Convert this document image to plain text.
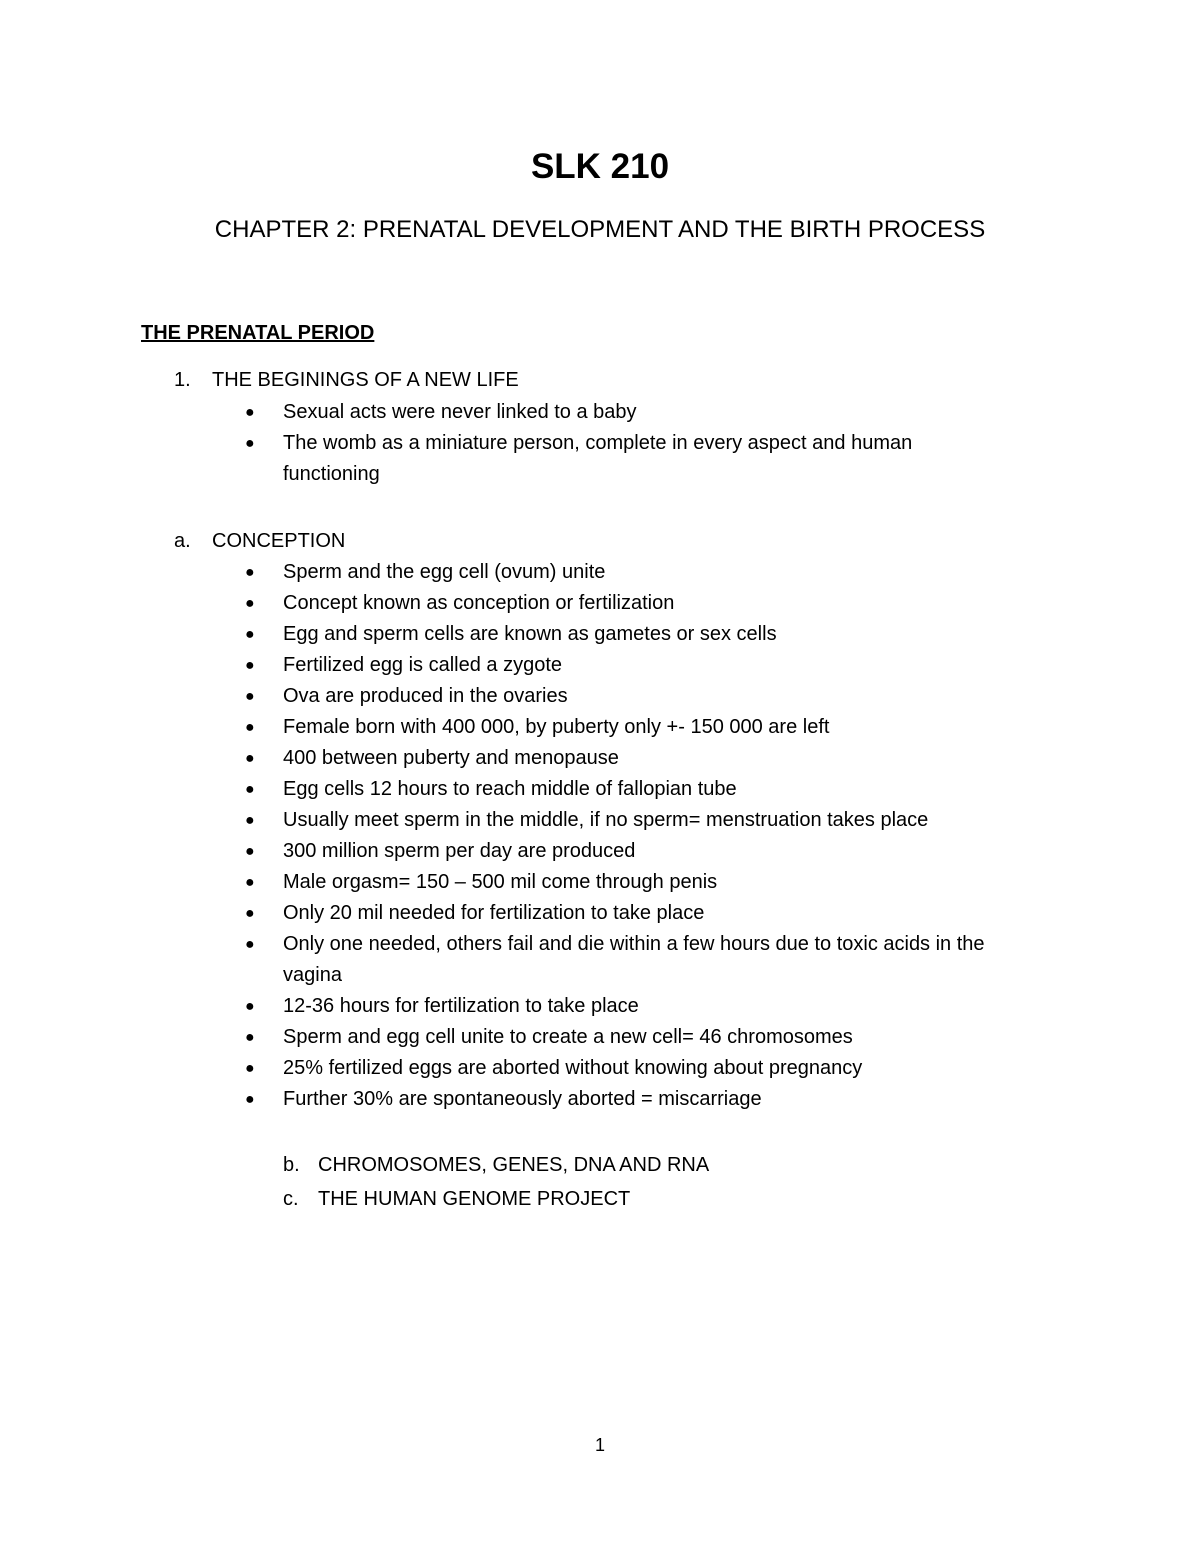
SLK 210
CHAPTER 2: PRENATAL DEVELOPMENT AND THE BIRTH PROCESS
THE PRENATAL PERIOD
1. THE BEGININGS OF A NEW LIFE
● Sexual acts were never linked to a baby
● The womb as a miniature person, complete in every aspect and human
functioning
a. CONCEPTION
● Sperm and the egg cell (ovum) unite
● Concept known as conception or fertilization
● Egg and sperm cells are known as gametes or sex cells
● Fertilized egg is called a zygote
● Ova are produced in the ovaries
● Female born with 400 000, by puberty only +- 150 000 are left
● 400 between puberty and menopause
● Egg cells 12 hours to reach middle of fallopian tube
● Usually meet sperm in the middle, if no sperm= menstruation takes place
● 300 million sperm per day are produced
● Male orgasm= 150 – 500 mil come through penis
● Only 20 mil needed for fertilization to take place
● Only one needed, others fail and die within a few hours due to toxic acids in the
vagina
● 12-36 hours for fertilization to take place
● Sperm and egg cell unite to create a new cell= 46 chromosomes
● 25% fertilized eggs are aborted without knowing about pregnancy
● Further 30% are spontaneously aborted = miscarriage
b. CHROMOSOMES, GENES, DNA AND RNA
c. THE HUMAN GENOME PROJECT
1
